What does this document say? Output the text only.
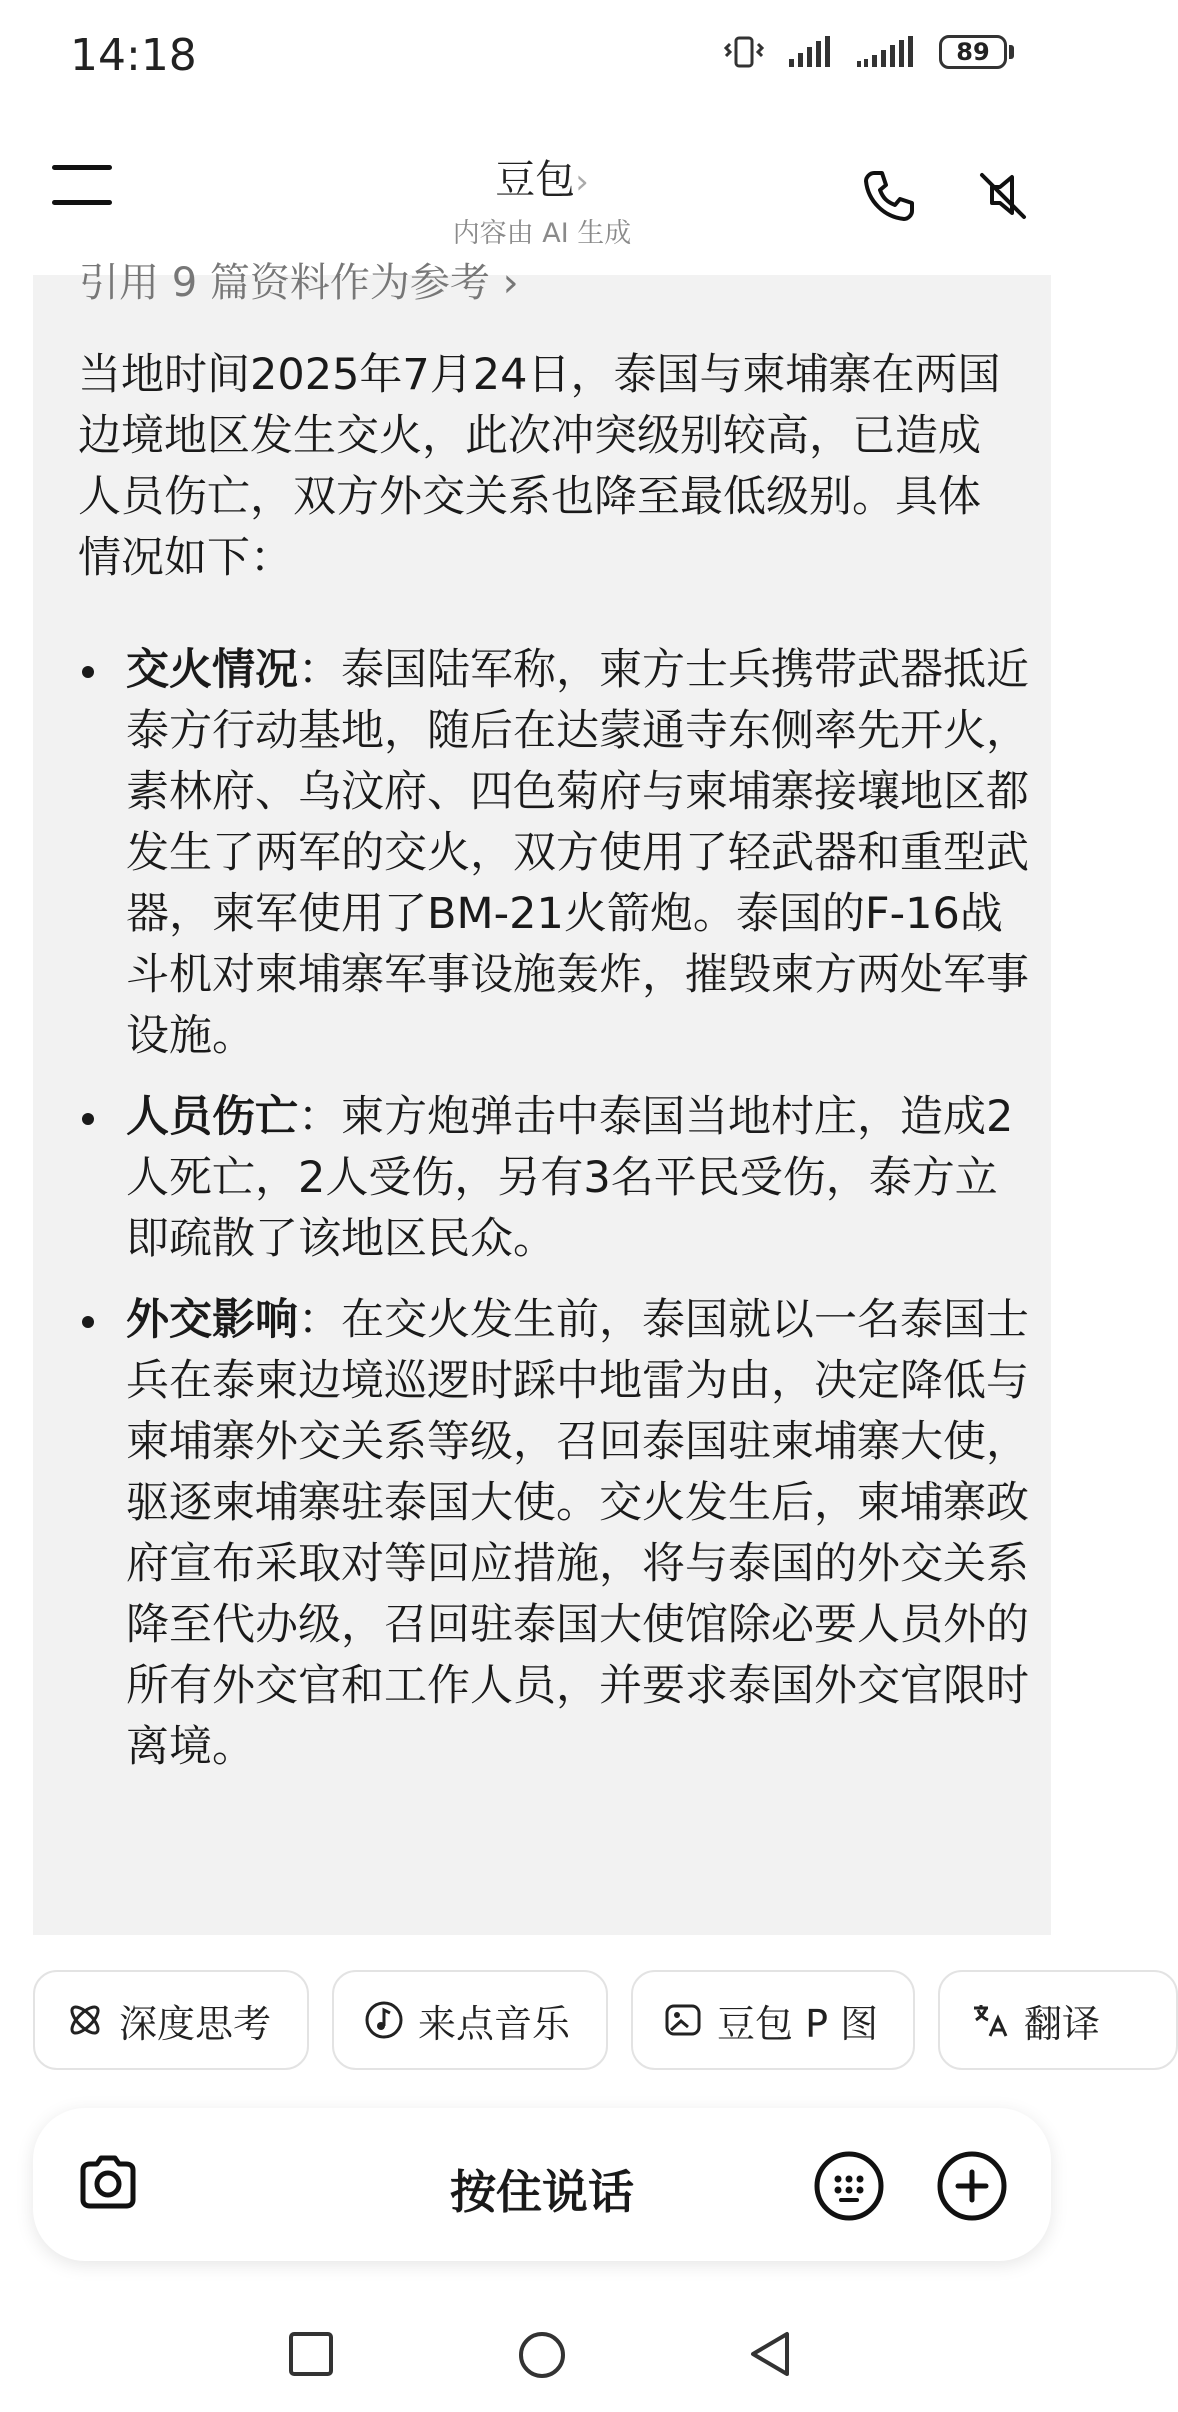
14:18	89
豆包›
内容由 AI 生成
引用 9 篇资料作为参考 ›
当地时间2025年7月24日，泰国与柬埔寨在两国边境地区发生交火，此次冲突级别较高，已造成人员伤亡，双方外交关系也降至最低级别。具体情况如下：
交火情况：泰国陆军称，柬方士兵携带武器抵近泰方行动基地，随后在达蒙通寺东侧率先开火，素林府、乌汶府、四色菊府与柬埔寨接壤地区都发生了两军的交火，双方使用了轻武器和重型武器，柬军使用了BM-21火箭炮。泰国的F-16战斗机对柬埔寨军事设施轰炸，摧毁柬方两处军事设施。
人员伤亡：柬方炮弹击中泰国当地村庄，造成2人死亡，2人受伤，另有3名平民受伤，泰方立即疏散了该地区民众。
外交影响：在交火发生前，泰国就以一名泰国士兵在泰柬边境巡逻时踩中地雷为由，决定降低与柬埔寨外交关系等级，召回泰国驻柬埔寨大使，驱逐柬埔寨驻泰国大使。交火发生后，柬埔寨政府宣布采取对等回应措施，将与泰国的外交关系降至代办级，召回驻泰国大使馆除必要人员外的所有外交官和工作人员，并要求泰国外交官限时离境。
深度思考	来点音乐	豆包 P 图	翻译
按住说话
